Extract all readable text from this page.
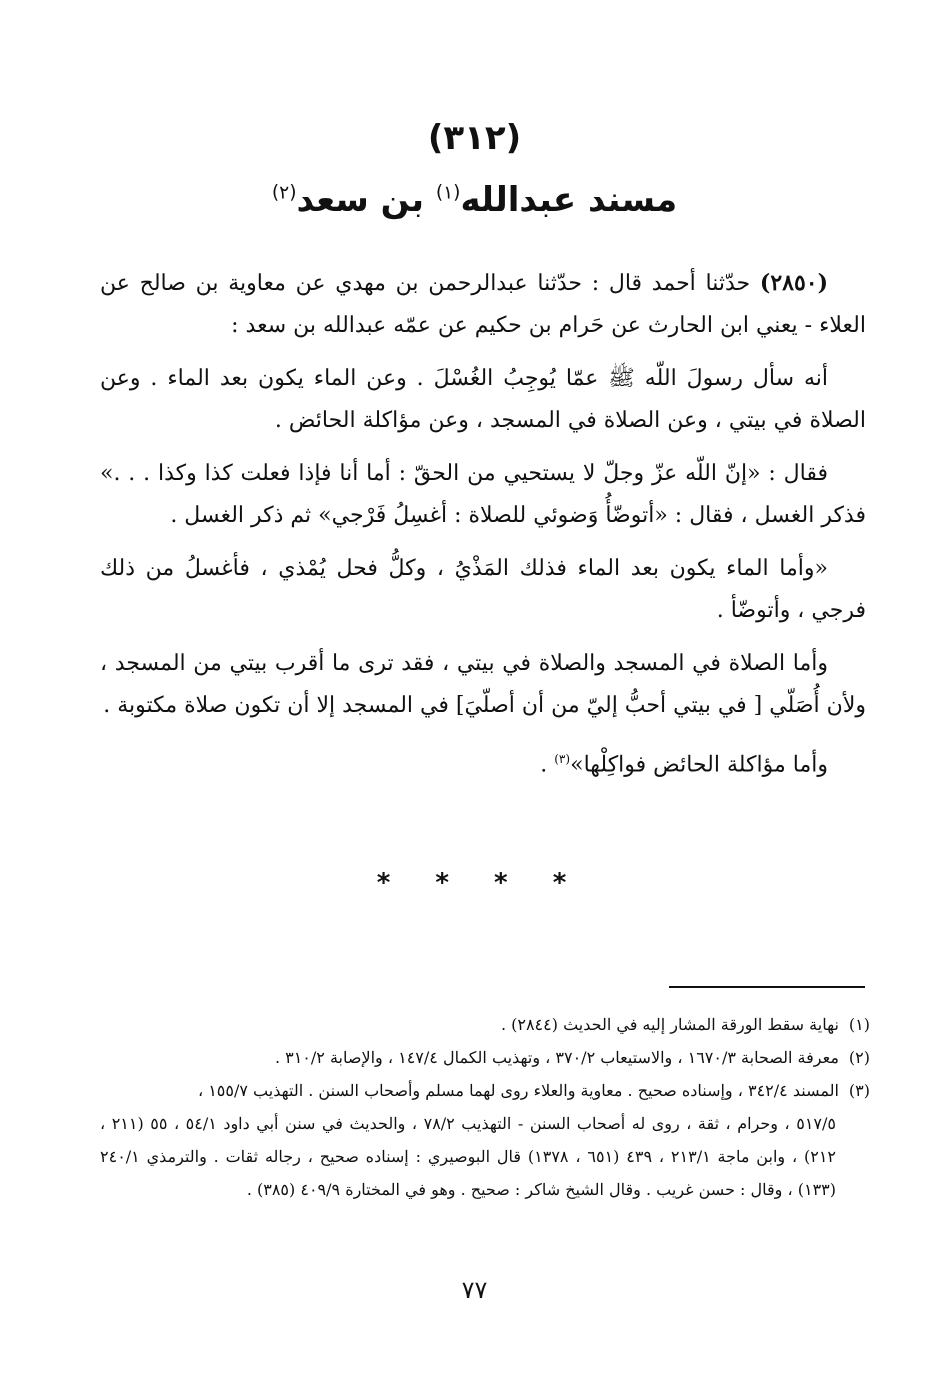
(٣١٢)
مسند عبدالله$^{(١)}$ بن سعد$^{(٢)}$

(٢٨٥٠) حدّثنا أحمد قال : حدّثنا عبدالرحمن بن مهدي عن معاوية بن صالح عن العلاء - يعني ابن الحارث عن حَرام بن حكيم عن عمّه عبدالله بن سعد :

أنه سأل رسولَ اللّه ﷺ عمّا يُوجِبُ الغُسْلَ . وعن الماء يكون بعد الماء . وعن الصلاة في بيتي ، وعن الصلاة في المسجد ، وعن مؤاكلة الحائض .

فقال : «إنّ اللّه عزّ وجلّ لا يستحيي من الحقّ : أما أنا فإذا فعلت كذا وكذا . . .» فذكر الغسل ، فقال : «أتوضّأُ وَضوئي للصلاة : أغسِلُ فَرْجي» ثم ذكر الغسل .

«وأما الماء يكون بعد الماء فذلك المَذْيُ ، وكلُّ فحل يُمْذي ، فأغسلُ من ذلك فرجي ، وأتوضّأ .

وأما الصلاة في المسجد والصلاة في بيتي ، فقد ترى ما أقرب بيتي من المسجد ، ولأن أُصَلّي [ في بيتي أحبُّ إليّ من أن أصلّيَ] في المسجد إلا أن تكون صلاة مكتوبة .

وأما مؤاكلة الحائض فواكِلْها»$^{(٣)}$ .

* * * *
(١) نهاية سقط الورقة المشار إليه في الحديث (٢٨٤٤) .
(٢) معرفة الصحابة ١٦٧٠/٣ ، والاستيعاب ٣٧٠/٢ ، وتهذيب الكمال ١٤٧/٤ ، والإصابة ٣١٠/٢ .
(٣) المسند ٣٤٢/٤ ، وإسناده صحيح . معاوية والعلاء روى لهما مسلم وأصحاب السنن . التهذيب ١٥٥/٧ ،
٥١٧/٥ ، وحرام ، ثقة ، روى له أصحاب السنن - التهذيب ٧٨/٢ ، والحديث في سنن أبي داود ٥٤/١ ، ٥٥ (٢١١ ، ٢١٢) ، وابن ماجة ٢١٣/١ ، ٤٣٩ (٦٥١ ، ١٣٧٨) قال البوصيري : إسناده صحيح ، رجاله ثقات . والترمذي ٢٤٠/١ (١٣٣) ، وقال : حسن غريب . وقال الشيخ شاكر : صحيح . وهو في المختارة ٤٠٩/٩ (٣٨٥) .
٧٧
